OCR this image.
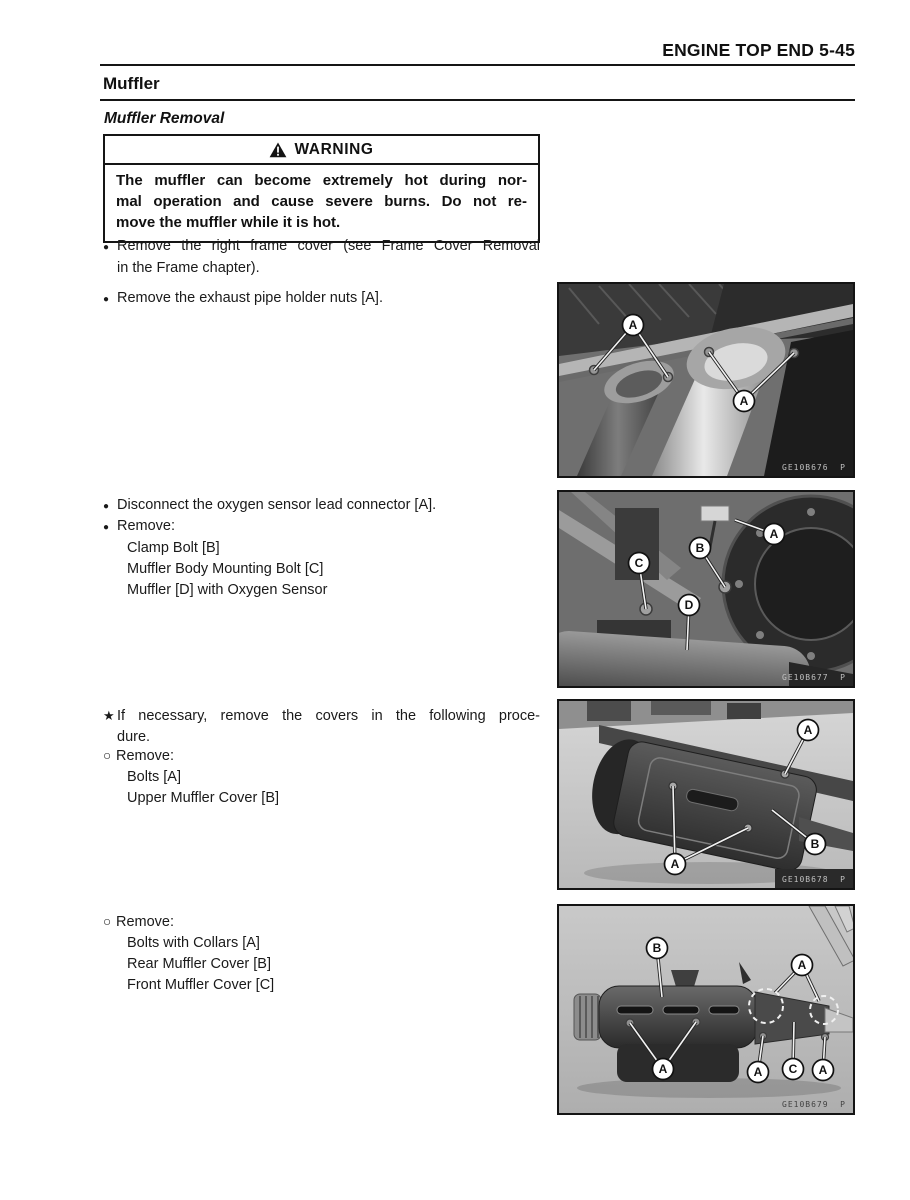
ENGINE TOP END 5-45
Muffler
Muffler Removal
WARNING
The muffler can become extremely hot during nor-
mal operation and cause severe burns. Do not re-
move the muffler while it is hot.
● Remove the right frame cover (see Frame Cover Removal
in the Frame chapter).
● Remove the exhaust pipe holder nuts [A].
● Disconnect the oxygen sensor lead connector [A].
● Remove:
Clamp Bolt [B]
Muffler Body Mounting Bolt [C]
Muffler [D] with Oxygen Sensor
★ If necessary, remove the covers in the following proce-
dure.
○ Remove:
Bolts [A]
Upper Muffler Cover [B]
○ Remove:
Bolts with Collars [A]
Rear Muffler Cover [B]
Front Muffler Cover [C]
A
A
GE10B676  P
A
B
C
D
GE10B677  P
A
B
A
GE10B678  P
B
A
A	A C A
GE10B679  P
